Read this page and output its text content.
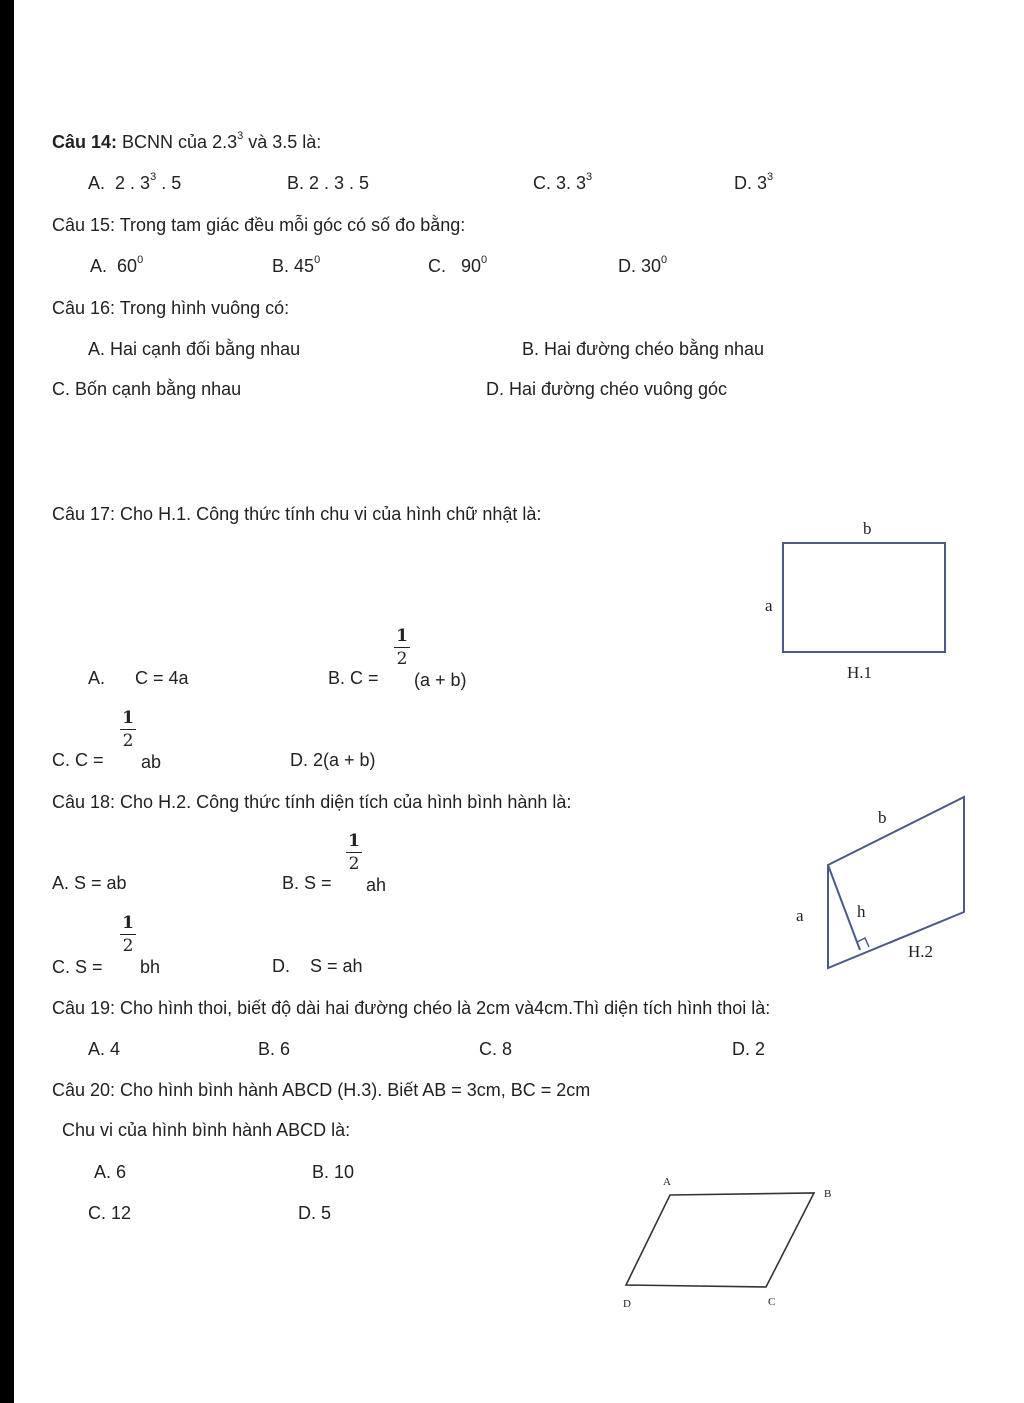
Câu 14: BCNN của $2.3^3$ và 3.5 là:
A. 2 . $3^3$ . 5	B. 2 . 3 . 5	C. 3. $3^3$	D. $3^3$
Câu 15: Trong tam giác đều mỗi góc có số đo bằng:
A. $60^0$	B. $45^0$	C. $90^0$	D. $30^0$
Câu 16: Trong hình vuông có:
A. Hai cạnh đối bằng nhau	B. Hai đường chéo bằng nhau
C. Bốn cạnh bằng nhau	D. Hai đường chéo vuông góc
Câu 17: Cho H.1. Công thức tính chu vi của hình chữ nhật là:
A. C = 4a	B. C =
1
2
(a + b)
C. C =
1
2
ab	D. 2(a + b)
b
a
H.1
Câu 18: Cho H.2. Công thức tính diện tích của hình bình hành là:
A. S = ab	B. S =
1
2
ah
C. S =
1
2
bh	D. S = ah
b
a	h
H.2
Câu 19: Cho hình thoi, biết độ dài hai đường chéo là 2cm và4cm.Thì diện tích hình thoi là:
A. 4	B. 6	C. 8	D. 2
Câu 20: Cho hình bình hành ABCD (H.3). Biết AB = 3cm, BC = 2cm
Chu vi của hình bình hành ABCD là:
A. 6	B. 10
C. 12	D. 5
A
B
D	C
